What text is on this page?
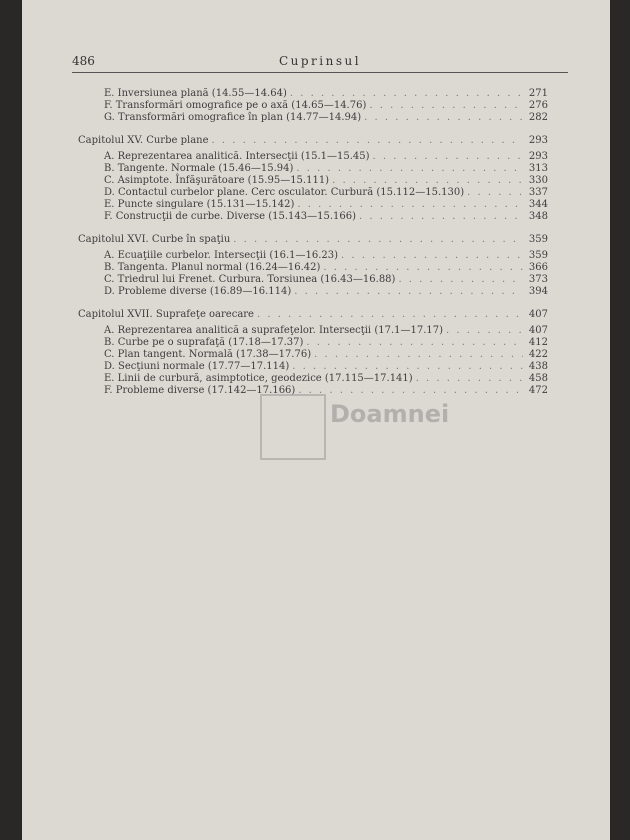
486	Cuprinsul
E. Inversiunea plană (14.55—14.64) . . .	271
F. Transformări omografice pe o axă (14.65—14.76) . . .	276
G. Transformări omografice în plan (14.77—14.94) . . .	282
Capitolul XV. Curbe plane . . .	293
A. Reprezentarea analitică. Intersecţii (15.1—15.45) . . .	293
B. Tangente. Normale (15.46—15.94) . . .	313
C. Asimptote. Înfăşurătoare (15.95—15.111) . . .	330
D. Contactul curbelor plane. Cerc osculator. Curbură (15.112—15.130) . . .	337
E. Puncte singulare (15.131—15.142) . . .	344
F. Construcţii de curbe. Diverse (15.143—15.166) . . .	348
Capitolul XVI. Curbe în spaţiu . . .	359
A. Ecuaţiile curbelor. Intersecţii (16.1—16.23) . . .	359
B. Tangenta. Planul normal (16.24—16.42) . . .	366
C. Triedrul lui Frenet. Curbura. Torsiunea (16.43—16.88) . . .	373
D. Probleme diverse (16.89—16.114) . . .	394
Capitolul XVII. Suprafeţe oarecare . . .	407
A. Reprezentarea analitică a suprafeţelor. Intersecţii (17.1—17.17) . . .	407
B. Curbe pe o suprafaţă (17.18—17.37) . . .	412
C. Plan tangent. Normală (17.38—17.76) . . .	422
D. Secţiuni normale (17.77—17.114) . . .	438
E. Linii de curbură, asimptotice, geodezice (17.115—17.141) . . .	458
F. Probleme diverse (17.142—17.166) . . .	472
Doamnei
